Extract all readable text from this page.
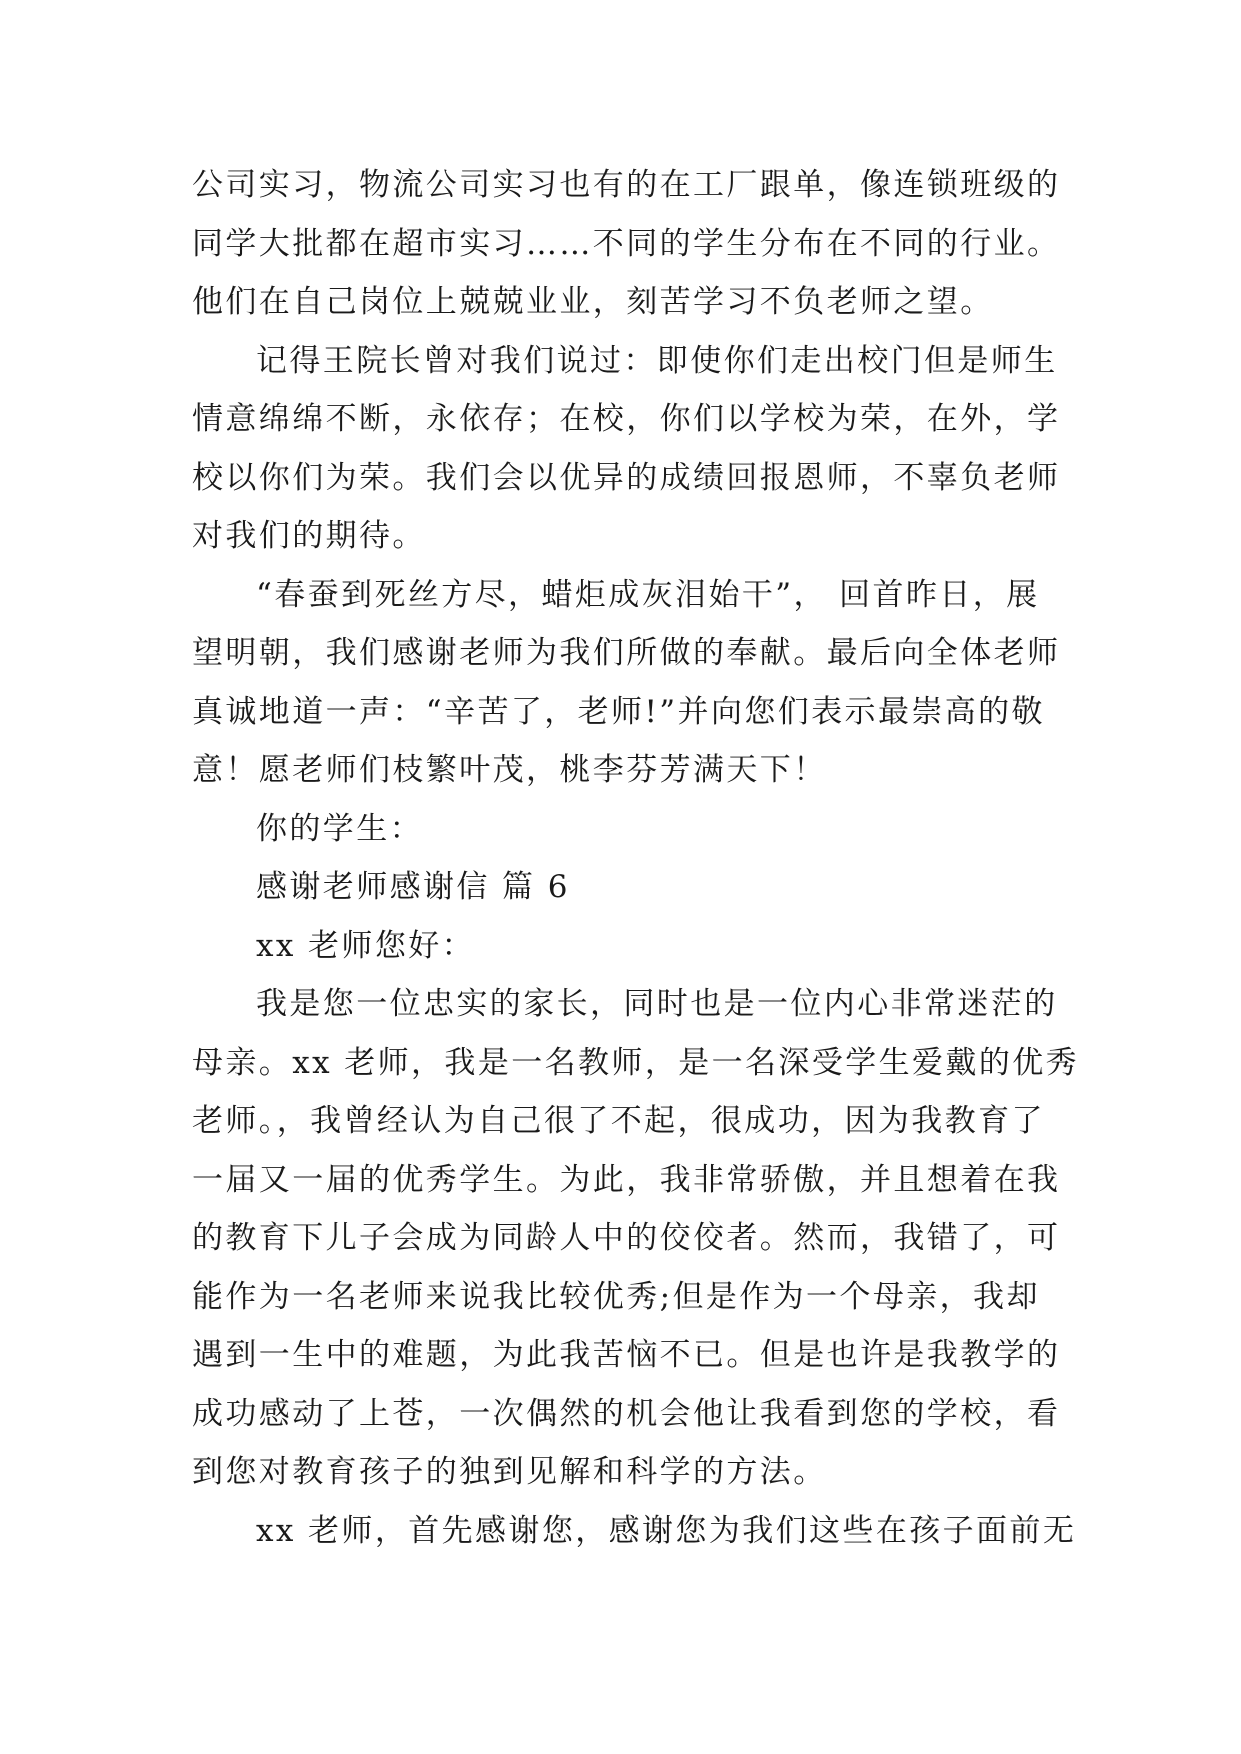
公司实习，物流公司实习也有的在工厂跟单，像连锁班级的
同学大批都在超市实习……不同的学生分布在不同的行业。
他们在自己岗位上兢兢业业，刻苦学习不负老师之望。
记得王院长曾对我们说过：即使你们走出校门但是师生
情意绵绵不断，永依存；在校，你们以学校为荣，在外，学
校以你们为荣。我们会以优异的成绩回报恩师，不辜负老师
对我们的期待。
“春蚕到死丝方尽，蜡炬成灰泪始干”， 回首昨日，展
望明朝，我们感谢老师为我们所做的奉献。最后向全体老师
真诚地道一声：“辛苦了，老师!”并向您们表示最崇高的敬
意！愿老师们枝繁叶茂，桃李芬芳满天下！
你的学生：
感谢老师感谢信 篇 6
xx 老师您好：
我是您一位忠实的家长，同时也是一位内心非常迷茫的
母亲。xx 老师，我是一名教师，是一名深受学生爱戴的优秀
老师。，我曾经认为自己很了不起，很成功，因为我教育了
一届又一届的优秀学生。为此，我非常骄傲，并且想着在我
的教育下儿子会成为同龄人中的佼佼者。然而，我错了，可
能作为一名老师来说我比较优秀;但是作为一个母亲，我却
遇到一生中的难题，为此我苦恼不已。但是也许是我教学的
成功感动了上苍，一次偶然的机会他让我看到您的学校，看
到您对教育孩子的独到见解和科学的方法。
xx 老师，首先感谢您，感谢您为我们这些在孩子面前无
